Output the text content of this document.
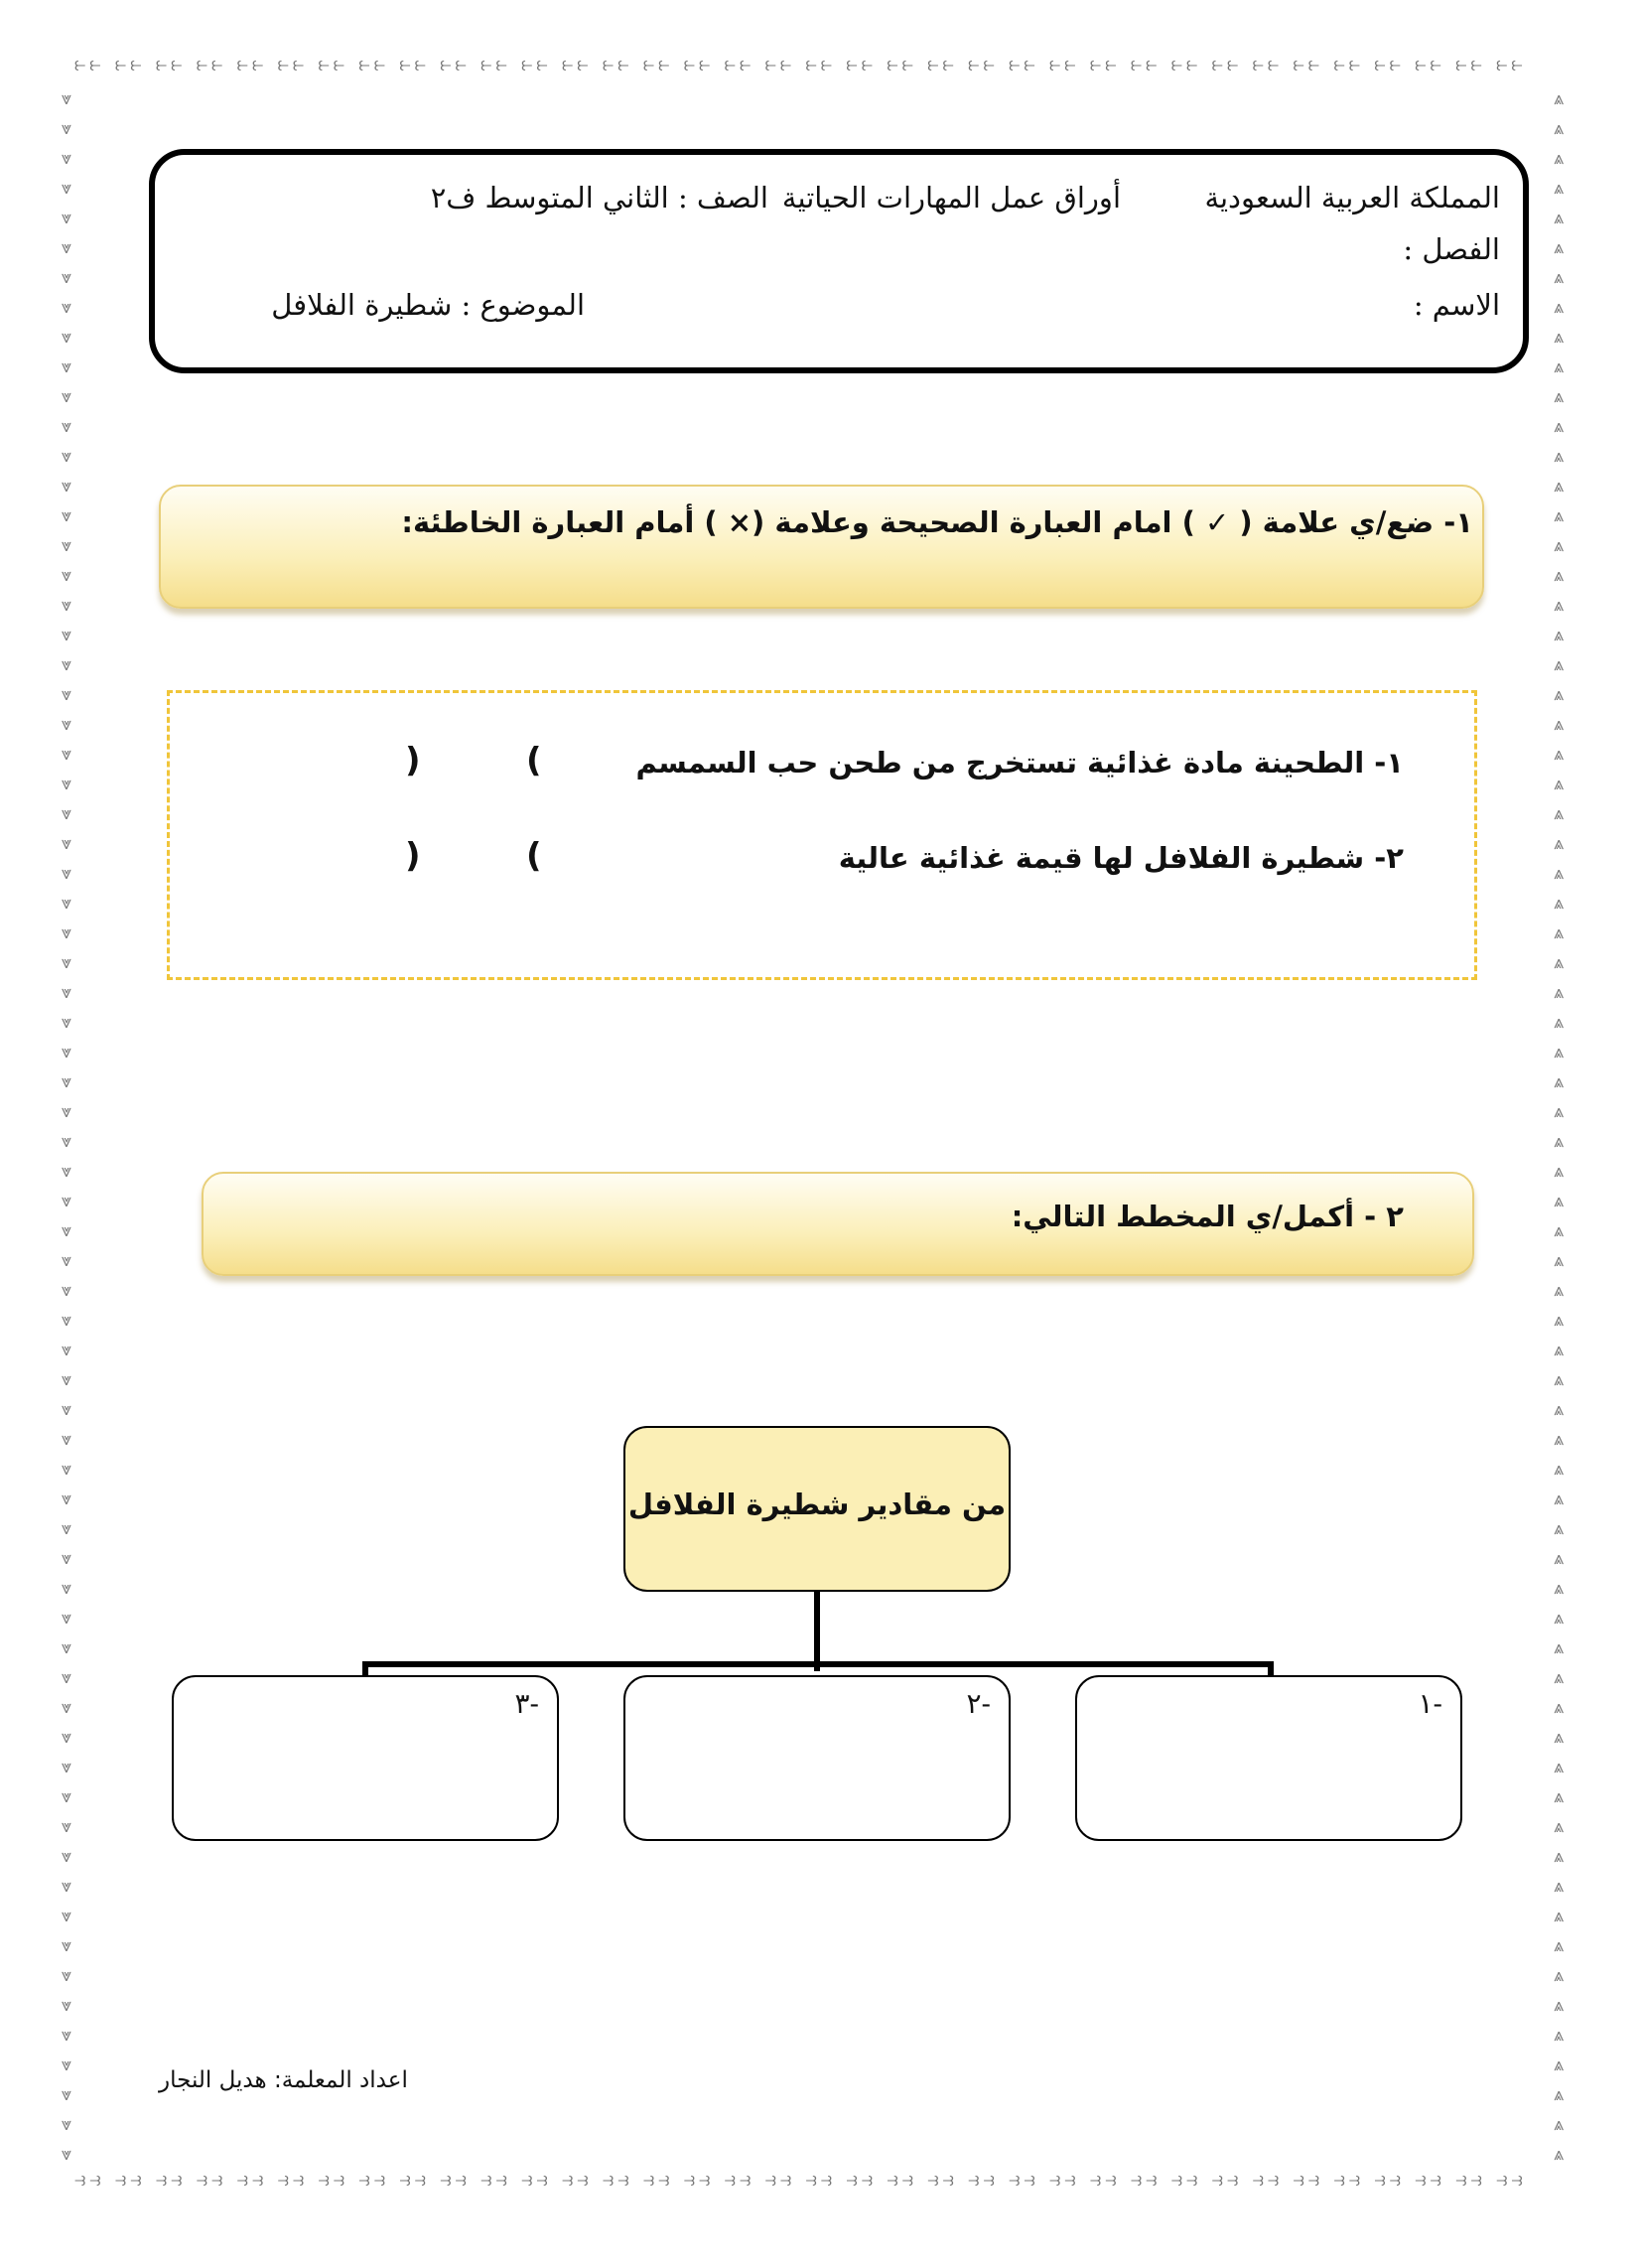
⥼⥼ ⥼⥼ ⥼⥼ ⥼⥼ ⥼⥼ ⥼⥼ ⥼⥼ ⥼⥼ ⥼⥼ ⥼⥼ ⥼⥼ ⥼⥼ ⥼⥼ ⥼⥼ ⥼⥼ ⥼⥼ ⥼⥼ ⥼⥼ ⥼⥼ ⥼⥼ ⥼⥼ ⥼⥼ ⥼⥼ ⥼⥼ ⥼⥼ ⥼⥼ ⥼⥼ ⥼⥼ ⥼⥼ ⥼⥼ ⥼⥼ ⥼⥼ ⥼⥼ ⥼⥼ ⥼⥼ ⥼⥼
⥽⥽ ⥽⥽ ⥽⥽ ⥽⥽ ⥽⥽ ⥽⥽ ⥽⥽ ⥽⥽ ⥽⥽ ⥽⥽ ⥽⥽ ⥽⥽ ⥽⥽ ⥽⥽ ⥽⥽ ⥽⥽ ⥽⥽ ⥽⥽ ⥽⥽ ⥽⥽ ⥽⥽ ⥽⥽ ⥽⥽ ⥽⥽ ⥽⥽ ⥽⥽ ⥽⥽ ⥽⥽ ⥽⥽ ⥽⥽ ⥽⥽ ⥽⥽ ⥽⥽ ⥽⥽ ⥽⥽ ⥽⥽
⩔ ⩔ ⩔ ⩔ ⩔ ⩔ ⩔ ⩔ ⩔ ⩔ ⩔ ⩔ ⩔ ⩔ ⩔ ⩔ ⩔ ⩔ ⩔ ⩔ ⩔ ⩔ ⩔ ⩔ ⩔ ⩔ ⩔ ⩔ ⩔ ⩔ ⩔ ⩔ ⩔ ⩔ ⩔ ⩔ ⩔ ⩔ ⩔ ⩔ ⩔ ⩔ ⩔ ⩔ ⩔ ⩔ ⩔ ⩔ ⩔ ⩔ ⩔ ⩔ ⩔ ⩔ ⩔ ⩔ ⩔ ⩔ ⩔ ⩔ ⩔ ⩔ ⩔ ⩔ ⩔ ⩔ ⩔ ⩔ ⩔ ⩔
⩓ ⩓ ⩓ ⩓ ⩓ ⩓ ⩓ ⩓ ⩓ ⩓ ⩓ ⩓ ⩓ ⩓ ⩓ ⩓ ⩓ ⩓ ⩓ ⩓ ⩓ ⩓ ⩓ ⩓ ⩓ ⩓ ⩓ ⩓ ⩓ ⩓ ⩓ ⩓ ⩓ ⩓ ⩓ ⩓ ⩓ ⩓ ⩓ ⩓ ⩓ ⩓ ⩓ ⩓ ⩓ ⩓ ⩓ ⩓ ⩓ ⩓ ⩓ ⩓ ⩓ ⩓ ⩓ ⩓ ⩓ ⩓ ⩓ ⩓ ⩓ ⩓ ⩓ ⩓ ⩓ ⩓ ⩓ ⩓ ⩓ ⩓
المملكة العربية السعودية
أوراق عمل المهارات الحياتية
الصف : الثاني المتوسط ف٢
الفصل :
الاسم :
الموضوع : شطيرة الفلافل
١- ضع/ي علامة ( ✓ ) امام العبارة الصحيحة وعلامة (× ) أمام العبارة الخاطئة:
١- الطحينة مادة غذائية تستخرج من طحن حب السمسم
(
)
٢- شطيرة الفلافل لها قيمة غذائية عالية
(
)
٢ - أكمل/ي المخطط التالي:
من مقادير شطيرة الفلافل
١-
٢-
٣-
اعداد المعلمة: هديل النجار
